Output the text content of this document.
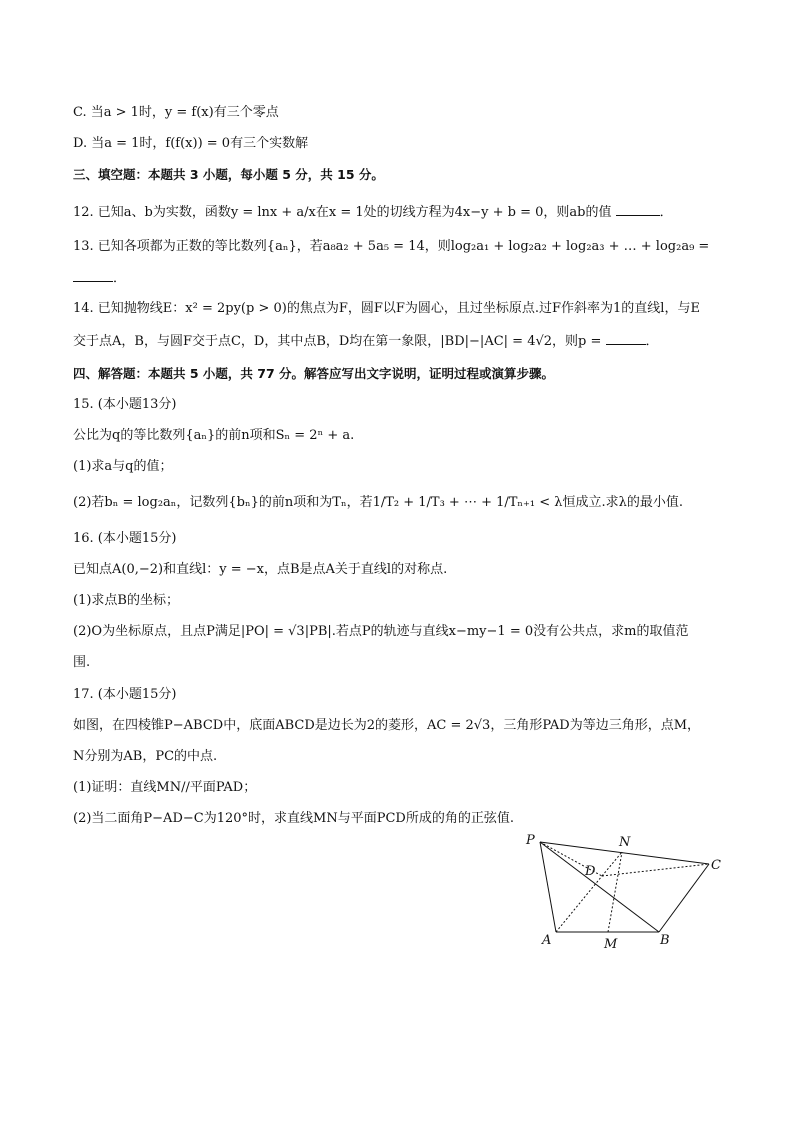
C. 当a > 1时，y = f(x)有三个零点
D. 当a = 1时，f(f(x)) = 0有三个实数解
三、填空题：本题共 3 小题，每小题 5 分，共 15 分。
12. 已知a、b为实数，函数y = lnx + a/x在x = 1处的切线方程为4x−y + b = 0，则ab的值	．
13. 已知各项都为正数的等比数列{aₙ}，若a₈a₂ + 5a₅ = 14，则log₂a₁ + log₂a₂ + log₂a₃ + … + log₂a₉ =
．
14. 已知抛物线E：x² = 2py(p > 0)的焦点为F，圆F以F为圆心，且过坐标原点.过F作斜率为1的直线l，与E
交于点A，B，与圆F交于点C，D，其中点B，D均在第一象限，|BD|−|AC| = 4√2，则p =	．
四、解答题：本题共 5 小题，共 77 分。解答应写出文字说明，证明过程或演算步骤。
15. (本小题13分)
公比为q的等比数列{aₙ}的前n项和Sₙ = 2ⁿ + a.
(1)求a与q的值；
(2)若bₙ = log₂aₙ，记数列{bₙ}的前n项和为Tₙ，若1/T₂ + 1/T₃ + ⋯ + 1/Tₙ₊₁ < λ恒成立.求λ的最小值.
16. (本小题15分)
已知点A(0,−2)和直线l：y = −x，点B是点A关于直线l的对称点.
(1)求点B的坐标；
(2)O为坐标原点，且点P满足|PO| = √3|PB|.若点P的轨迹与直线x−my−1 = 0没有公共点，求m的取值范
围.
17. (本小题15分)
如图，在四棱锥P−ABCD中，底面ABCD是边长为2的菱形，AC = 2√3，三角形PAD为等边三角形，点M，
N分别为AB，PC的中点.
(1)证明：直线MN//平面PAD；
(2)当二面角P−AD−C为120°时，求直线MN与平面PCD所成的角的正弦值.
P	N
C
D
A	M	B
